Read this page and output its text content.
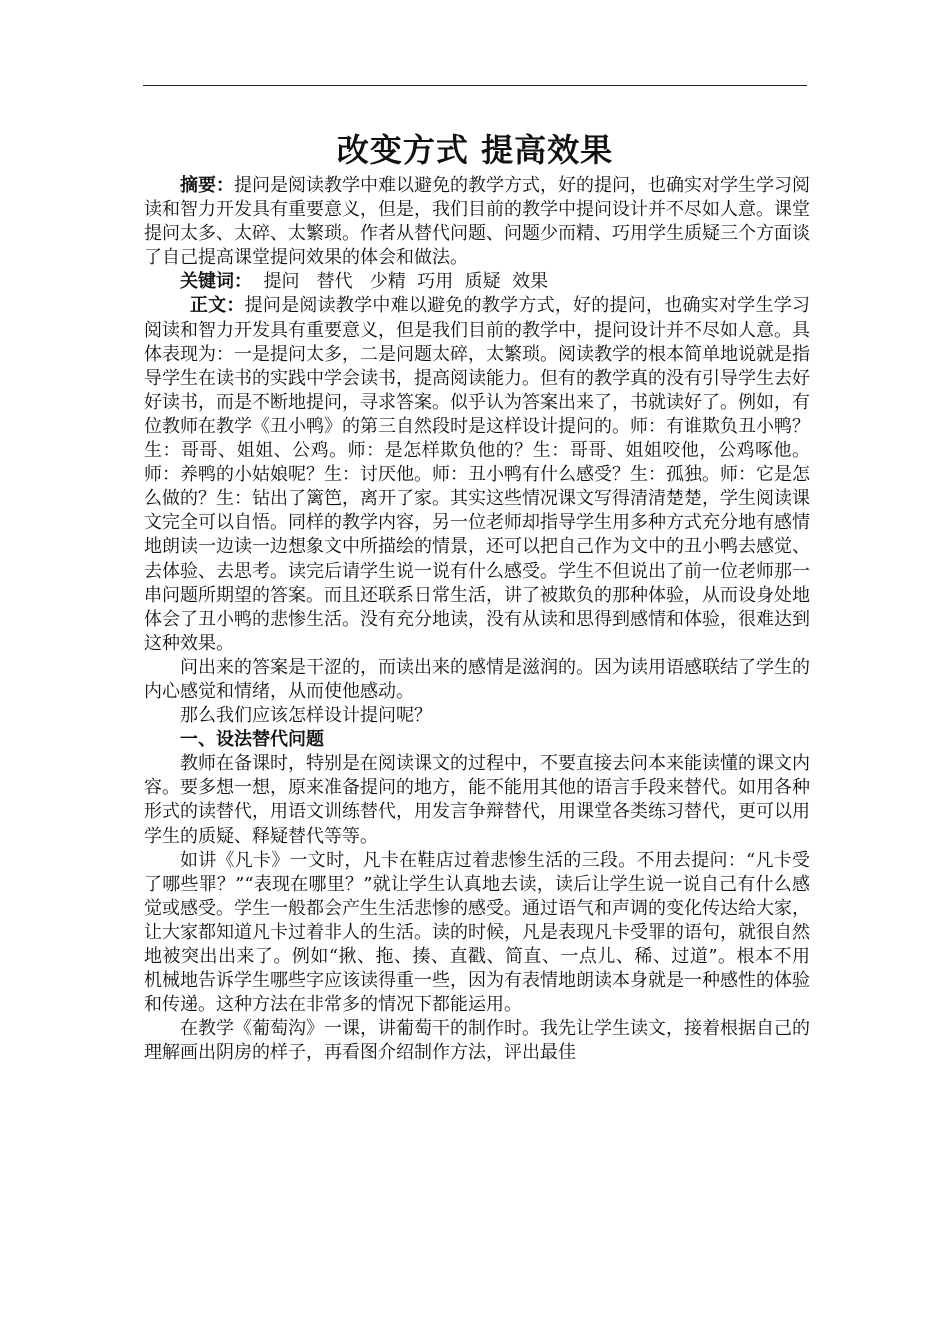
改变方式 提高效果

摘要：提问是阅读教学中难以避免的教学方式，好的提问，也确实对学生学习阅读和智力开发具有重要意义，但是，我们目前的教学中提问设计并不尽如人意。课堂提问太多、太碎、太繁琐。作者从替代问题、问题少而精、巧用学生质疑三个方面谈了自己提高课堂提问效果的体会和做法。

关键词：  提问   替代   少精  巧用  质疑  效果

正文：提问是阅读教学中难以避免的教学方式，好的提问，也确实对学生学习阅读和智力开发具有重要意义，但是我们目前的教学中，提问设计并不尽如人意。具体表现为：一是提问太多，二是问题太碎，太繁琐。阅读教学的根本简单地说就是指导学生在读书的实践中学会读书，提高阅读能力。但有的教学真的没有引导学生去好好读书，而是不断地提问，寻求答案。似乎认为答案出来了，书就读好了。例如，有位教师在教学《丑小鸭》的第三自然段时是这样设计提问的。师：有谁欺负丑小鸭？生：哥哥、姐姐、公鸡。师：是怎样欺负他的？生：哥哥、姐姐咬他，公鸡啄他。师：养鸭的小姑娘呢？生：讨厌他。师：丑小鸭有什么感受？生：孤独。师：它是怎么做的？生：钻出了篱笆，离开了家。其实这些情况课文写得清清楚楚，学生阅读课文完全可以自悟。同样的教学内容，另一位老师却指导学生用多种方式充分地有感情地朗读一边读一边想象文中所描绘的情景，还可以把自己作为文中的丑小鸭去感觉、去体验、去思考。读完后请学生说一说有什么感受。学生不但说出了前一位老师那一串问题所期望的答案。而且还联系日常生活，讲了被欺负的那种体验，从而设身处地体会了丑小鸭的悲惨生活。没有充分地读，没有从读和思得到感情和体验，很难达到这种效果。

问出来的答案是干涩的，而读出来的感情是滋润的。因为读用语感联结了学生的内心感觉和情绪，从而使他感动。

那么我们应该怎样设计提问呢？

一、设法替代问题

教师在备课时，特别是在阅读课文的过程中，不要直接去问本来能读懂的课文内容。要多想一想，原来准备提问的地方，能不能用其他的语言手段来替代。如用各种形式的读替代，用语文训练替代，用发言争辩替代，用课堂各类练习替代，更可以用学生的质疑、释疑替代等等。

如讲《凡卡》一文时，凡卡在鞋店过着悲惨生活的三段。不用去提问：“凡卡受了哪些罪？”“表现在哪里？”就让学生认真地去读，读后让学生说一说自己有什么感觉或感受。学生一般都会产生生活悲惨的感受。通过语气和声调的变化传达给大家，让大家都知道凡卡过着非人的生活。读的时候，凡是表现凡卡受罪的语句，就很自然地被突出出来了。例如“揪、拖、揍、直戳、简直、一点儿、稀、过道”。根本不用机械地告诉学生哪些字应该读得重一些，因为有表情地朗读本身就是一种感性的体验和传递。这种方法在非常多的情况下都能运用。

在教学《葡萄沟》一课，讲葡萄干的制作时。我先让学生读文，接着根据自己的理解画出阴房的样子，再看图介绍制作方法，评出最佳
